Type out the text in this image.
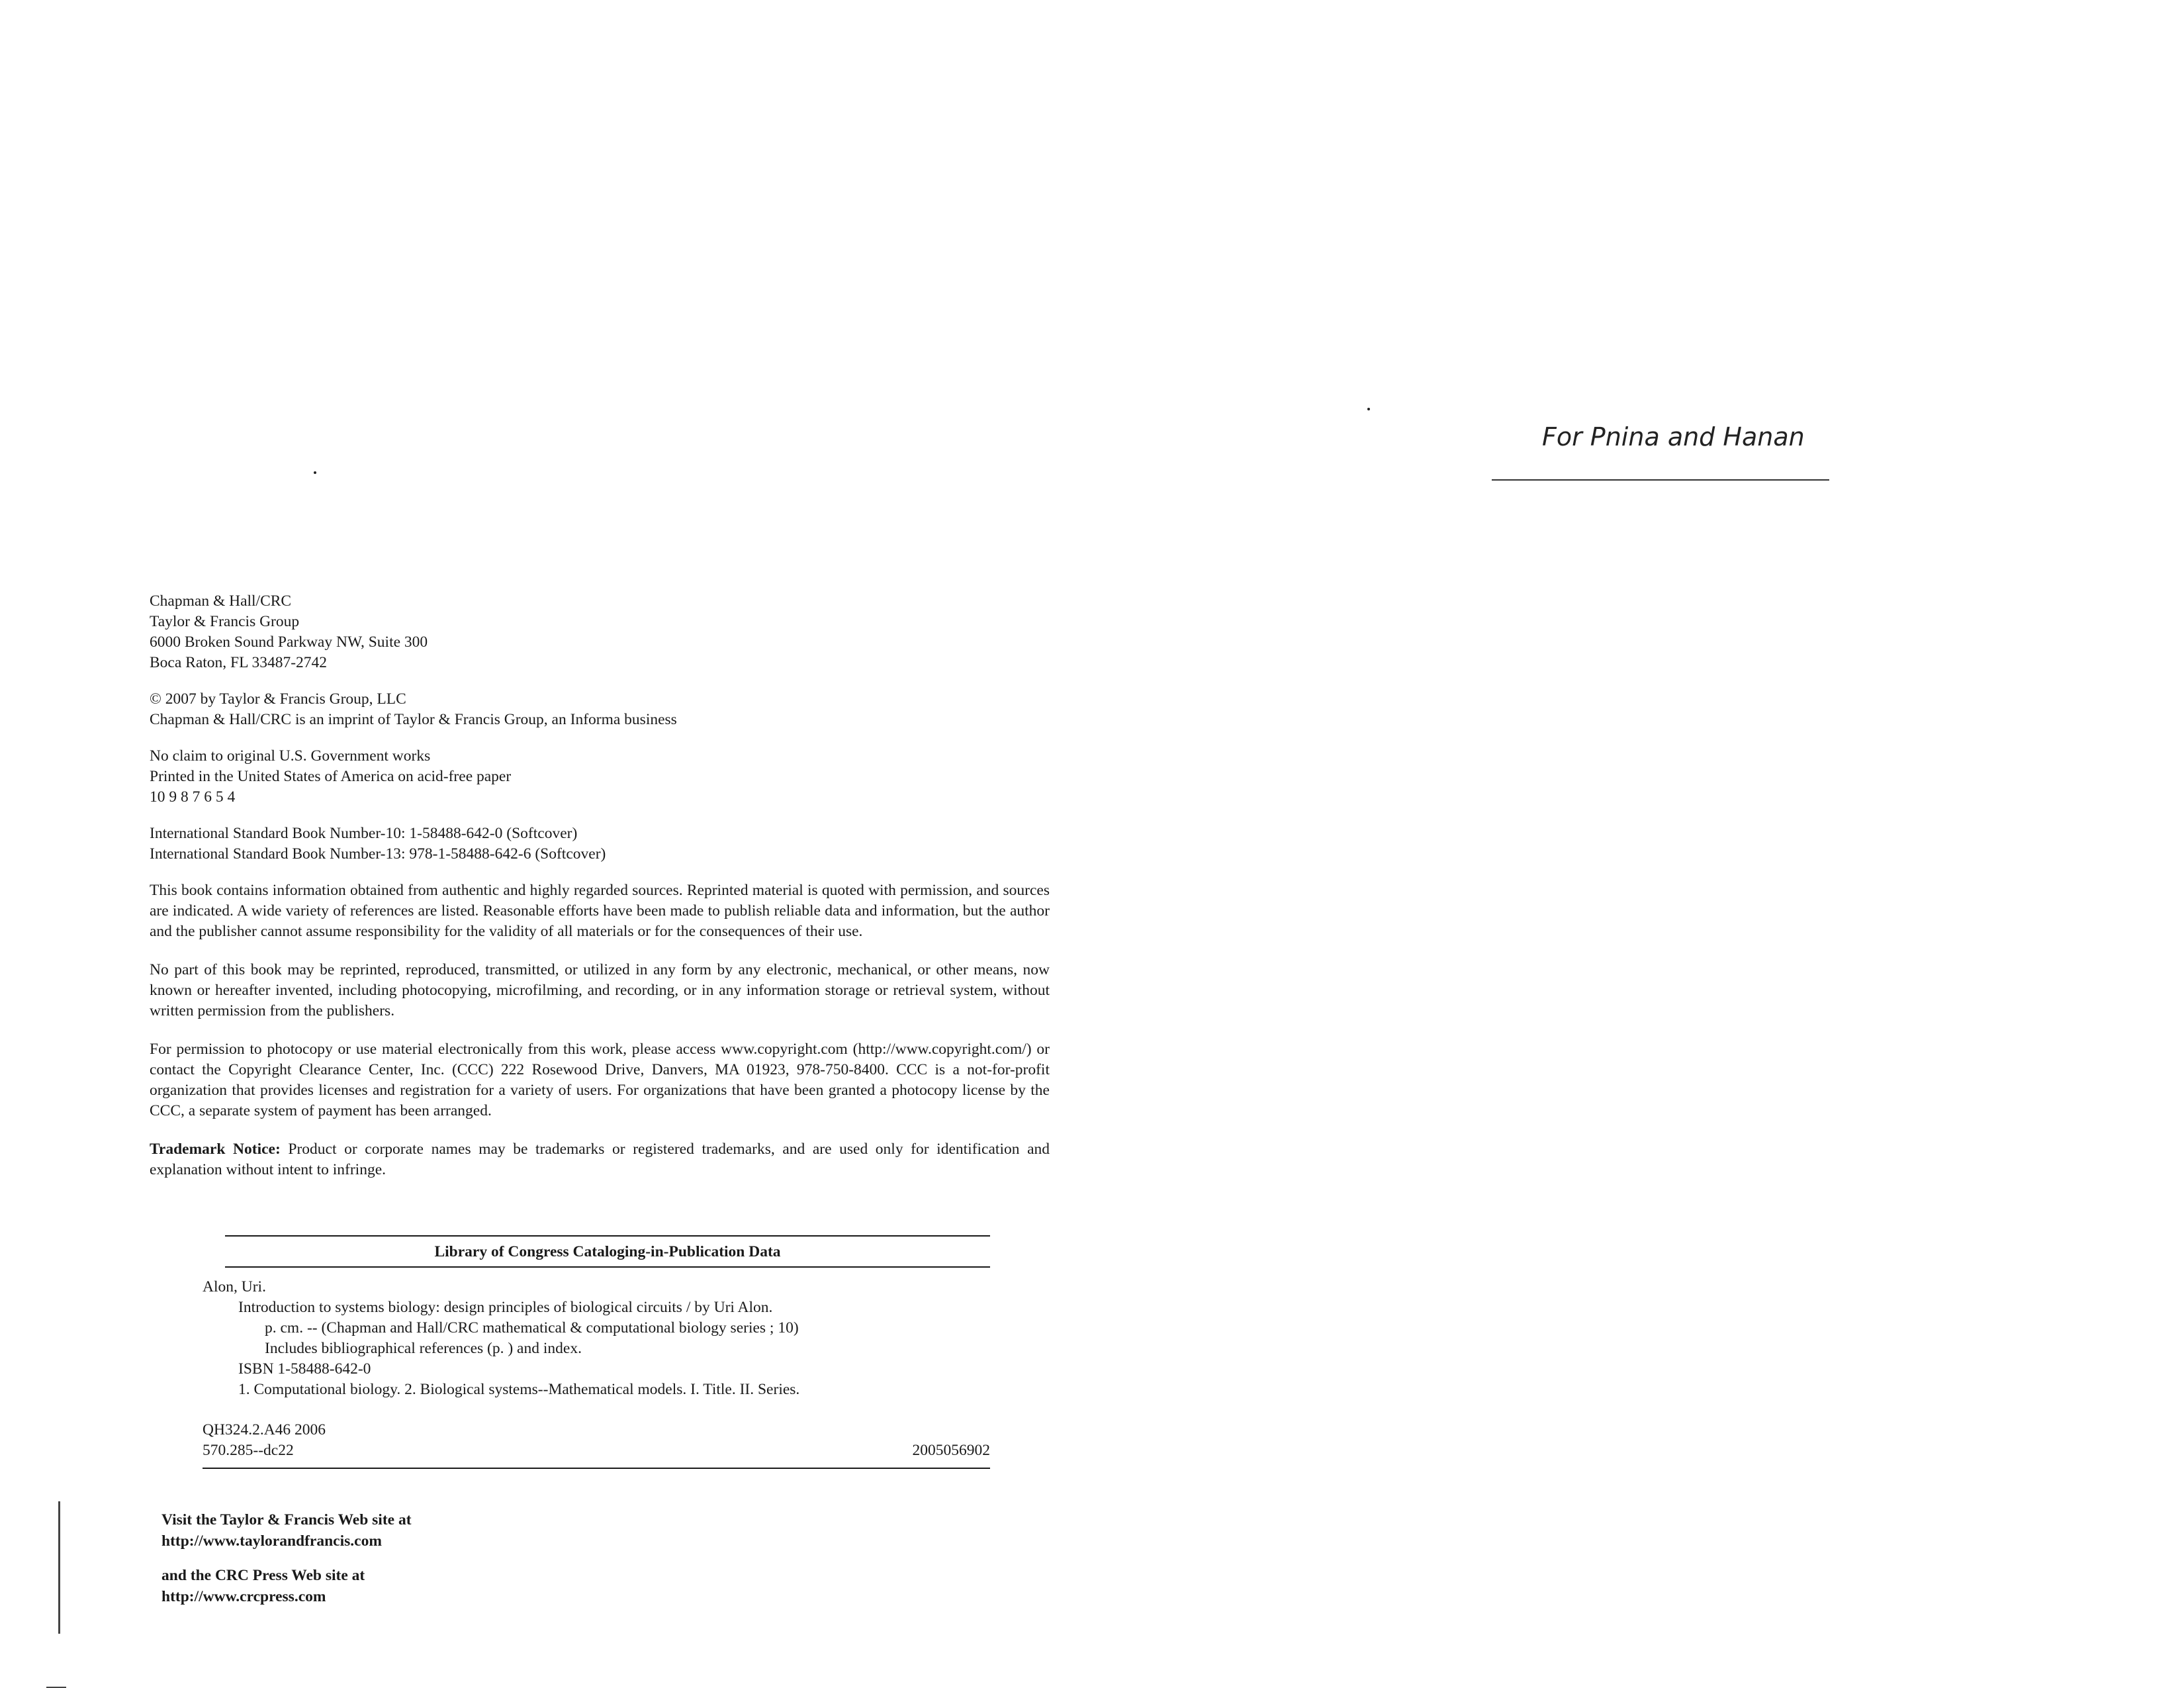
Chapman & Hall/CRC
Taylor & Francis Group
6000 Broken Sound Parkway NW, Suite 300
Boca Raton, FL 33487-2742
© 2007 by Taylor & Francis Group, LLC
Chapman & Hall/CRC is an imprint of Taylor & Francis Group, an Informa business
No claim to original U.S. Government works
Printed in the United States of America on acid-free paper
10 9 8 7 6 5 4
International Standard Book Number-10: 1-58488-642-0 (Softcover)
International Standard Book Number-13: 978-1-58488-642-6 (Softcover)

This book contains information obtained from authentic and highly regarded sources. Reprinted material is quoted with permission, and sources are indicated. A wide variety of references are listed. Reasonable efforts have been made to publish reliable data and information, but the author and the publisher cannot assume responsibility for the validity of all materials or for the consequences of their use.

No part of this book may be reprinted, reproduced, transmitted, or utilized in any form by any electronic, mechanical, or other means, now known or hereafter invented, including photocopying, microfilming, and recording, or in any information storage or retrieval system, without written permission from the publishers.

For permission to photocopy or use material electronically from this work, please access www.copyright.com (http://www.copyright.com/) or contact the Copyright Clearance Center, Inc. (CCC) 222 Rosewood Drive, Danvers, MA 01923, 978-750-8400. CCC is a not-for-profit organization that provides licenses and registration for a variety of users. For organizations that have been granted a photocopy license by the CCC, a separate system of payment has been arranged.

Trademark Notice: Product or corporate names may be trademarks or registered trademarks, and are used only for identification and explanation without intent to infringe.

Library of Congress Cataloging-in-Publication Data
Alon, Uri.
Introduction to systems biology: design principles of biological circuits / by Uri Alon.
p. cm. -- (Chapman and Hall/CRC mathematical & computational biology series ; 10)
Includes bibliographical references (p. ) and index.
ISBN 1-58488-642-0
1. Computational biology. 2. Biological systems--Mathematical models. I. Title. II. Series.
QH324.2.A46 2006
570.285--dc22	2005056902
Visit the Taylor & Francis Web site at
http://www.taylorandfrancis.com
and the CRC Press Web site at
http://www.crcpress.com
For Pnina and Hanan
